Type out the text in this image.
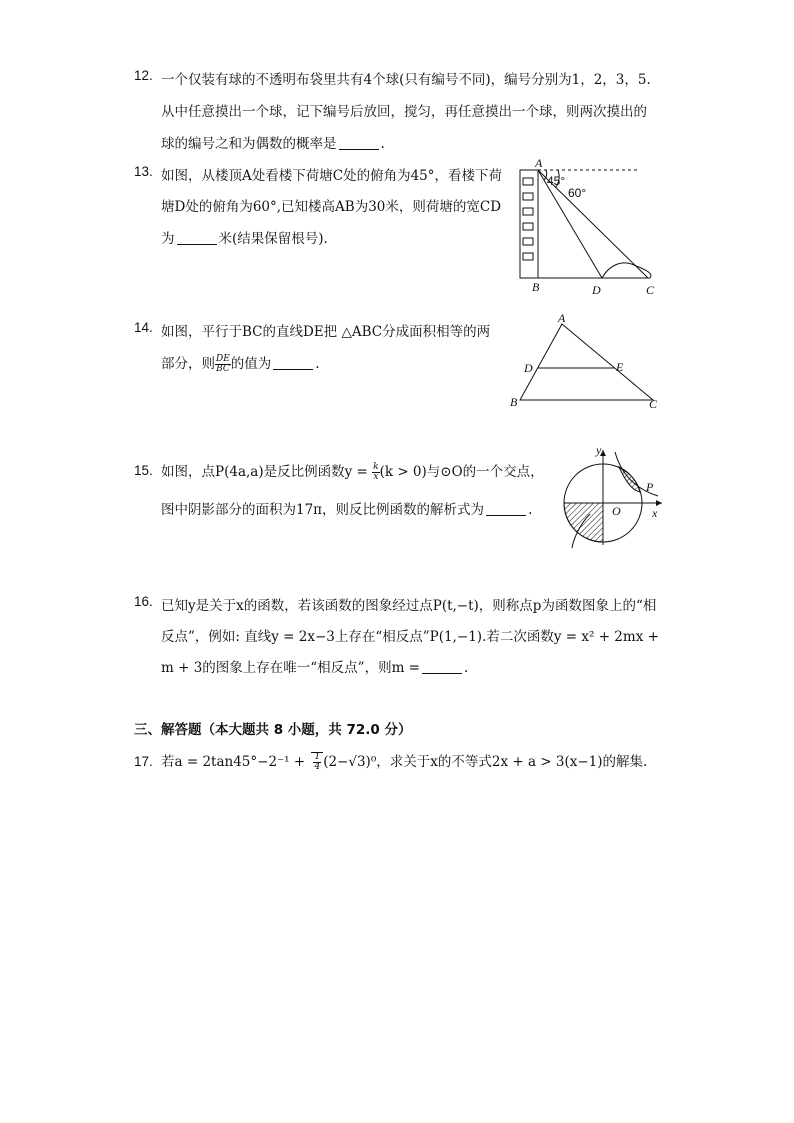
12. 一个仅装有球的不透明布袋里共有4个球(只有编号不同)，编号分别为1，2，3，5.
从中任意摸出一个球，记下编号后放回，搅匀，再任意摸出一个球，则两次摸出的
球的编号之和为偶数的概率是	.
13. 如图，从楼顶A处看楼下荷塘C处的俯角为45°，看楼下荷
塘D处的俯角为60°,已知楼高AB为30米，则荷塘的宽CD
为	米(结果保留根号).
A
45°
60°
B	D	C
14. 如图，平行于BC的直线DE把 △ABC分成面积相等的两
部分，则 $\frac{DE}{BC}$ 的值为	.
A
D	E
B	C
15. 如图，点P(4a,a)是反比例函数$y = \frac{k}{x} (k > 0)$与⊙O的一个交点，
图中阴影部分的面积为17π，则反比例函数的解析式为	.
y
P
O	x
16. 已知y是关于x的函数，若该函数的图象经过点P(t,−t)，则称点p为函数图象上的“相
反点”，例如: 直线y = 2x−3上存在“相反点”P(1,−1).若二次函数y = x² + 2mx +
m + 3的图象上存在唯一“相反点”，则m =	.
三、解答题（本大题共 8 小题，共 72.0 分）
17. 若$a = 2\tan 45^\circ-2^{-1} + \frac{1}{4} (2-√3)^0$，求关于x的不等式2x + a > 3(x−1)的解集.
